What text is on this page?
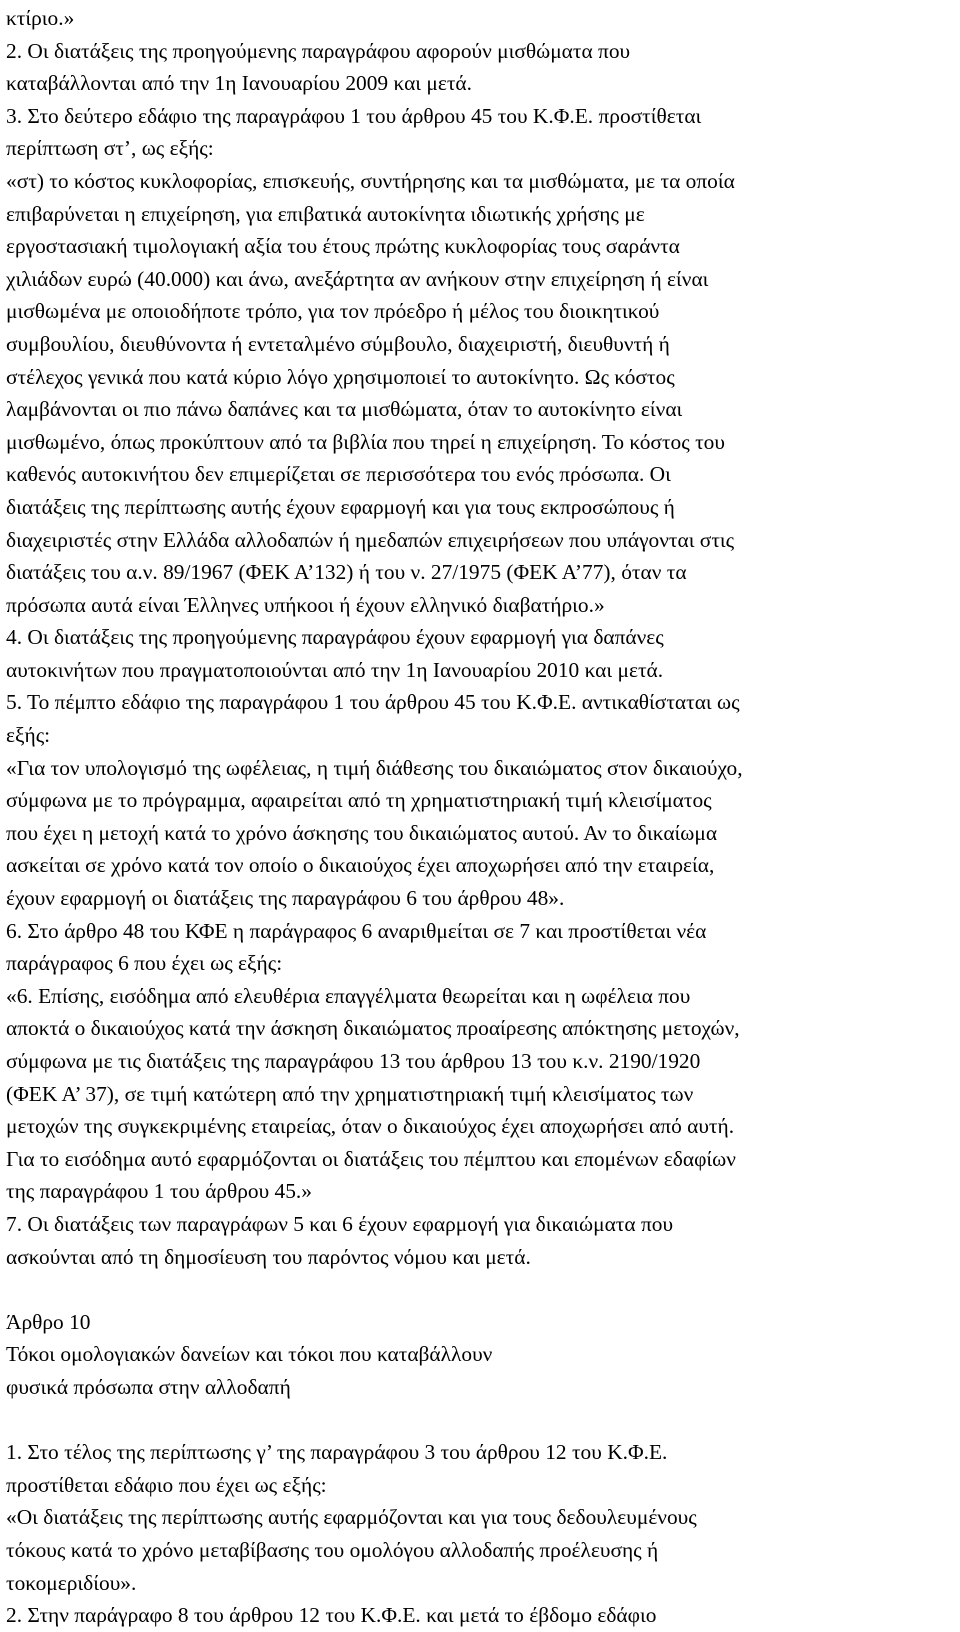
κτίριο.»
2. Οι διατάξεις της προηγούμενης παραγράφου αφορούν μισθώματα που
καταβάλλονται από την 1η Ιανουαρίου 2009 και μετά.
3. Στο δεύτερο εδάφιο της παραγράφου 1 του άρθρου 45 του Κ.Φ.Ε. προστίθεται
περίπτωση στ’, ως εξής:
«στ) το κόστος κυκλοφορίας, επισκευής, συντήρησης και τα μισθώματα, με τα οποία
επιβαρύνεται η επιχείρηση, για επιβατικά αυτοκίνητα ιδιωτικής χρήσης με
εργοστασιακή τιμολογιακή αξία του έτους πρώτης κυκλοφορίας τους σαράντα
χιλιάδων ευρώ (40.000) και άνω, ανεξάρτητα αν ανήκουν στην επιχείρηση ή είναι
μισθωμένα με οποιοδήποτε τρόπο, για τον πρόεδρο ή μέλος του διοικητικού
συμβουλίου, διευθύνοντα ή εντεταλμένο σύμβουλο, διαχειριστή, διευθυντή ή
στέλεχος γενικά που κατά κύριο λόγο χρησιμοποιεί το αυτοκίνητο. Ως κόστος
λαμβάνονται οι πιο πάνω δαπάνες και τα μισθώματα, όταν το αυτοκίνητο είναι
μισθωμένο, όπως προκύπτουν από τα βιβλία που τηρεί η επιχείρηση. Το κόστος του
καθενός αυτοκινήτου δεν επιμερίζεται σε περισσότερα του ενός πρόσωπα. Οι
διατάξεις της περίπτωσης αυτής έχουν εφαρμογή και για τους εκπροσώπους ή
διαχειριστές στην Ελλάδα αλλοδαπών ή ημεδαπών επιχειρήσεων που υπάγονται στις
διατάξεις του α.ν. 89/1967 (ΦΕΚ Α’132) ή του ν. 27/1975 (ΦΕΚ Α’77), όταν τα
πρόσωπα αυτά είναι Έλληνες υπήκοοι ή έχουν ελληνικό διαβατήριο.»
4. Οι διατάξεις της προηγούμενης παραγράφου έχουν εφαρμογή για δαπάνες
αυτοκινήτων που πραγματοποιούνται από την 1η Ιανουαρίου 2010 και μετά.
5. Το πέμπτο εδάφιο της παραγράφου 1 του άρθρου 45 του Κ.Φ.Ε. αντικαθίσταται ως
εξής:
«Για τον υπολογισμό της ωφέλειας, η τιμή διάθεσης του δικαιώματος στον δικαιούχο,
σύμφωνα με το πρόγραμμα, αφαιρείται από τη χρηματιστηριακή τιμή κλεισίματος
που έχει η μετοχή κατά το χρόνο άσκησης του δικαιώματος αυτού. Αν το δικαίωμα
ασκείται σε χρόνο κατά τον οποίο ο δικαιούχος έχει αποχωρήσει από την εταιρεία,
έχουν εφαρμογή οι διατάξεις της παραγράφου 6 του άρθρου 48».
6. Στο άρθρο 48 του ΚΦΕ η παράγραφος 6 αναριθμείται σε 7 και προστίθεται νέα
παράγραφος 6 που έχει ως εξής:
«6. Επίσης, εισόδημα από ελευθέρια επαγγέλματα θεωρείται και η ωφέλεια που
αποκτά ο δικαιούχος κατά την άσκηση δικαιώματος προαίρεσης απόκτησης μετοχών,
σύμφωνα με τις διατάξεις της παραγράφου 13 του άρθρου 13 του κ.ν. 2190/1920
(ΦΕΚ Α’ 37), σε τιμή κατώτερη από την χρηματιστηριακή τιμή κλεισίματος των
μετοχών της συγκεκριμένης εταιρείας, όταν ο δικαιούχος έχει αποχωρήσει από αυτή.
Για το εισόδημα αυτό εφαρμόζονται οι διατάξεις του πέμπτου και επομένων εδαφίων
της παραγράφου 1 του άρθρου 45.»
7. Οι διατάξεις των παραγράφων 5 και 6 έχουν εφαρμογή για δικαιώματα που
ασκούνται από τη δημοσίευση του παρόντος νόμου και μετά.
Άρθρο 10
Τόκοι ομολογιακών δανείων και τόκοι που καταβάλλουν
φυσικά πρόσωπα στην αλλοδαπή
1. Στο τέλος της περίπτωσης γ’ της παραγράφου 3 του άρθρου 12 του Κ.Φ.Ε.
προστίθεται εδάφιο που έχει ως εξής:
«Οι διατάξεις της περίπτωσης αυτής εφαρμόζονται και για τους δεδουλευμένους
τόκους κατά το χρόνο μεταβίβασης του ομολόγου αλλοδαπής προέλευσης ή
τοκομεριδίου».
2. Στην παράγραφο 8 του άρθρου 12 του Κ.Φ.Ε. και μετά το έβδομο εδάφιο
